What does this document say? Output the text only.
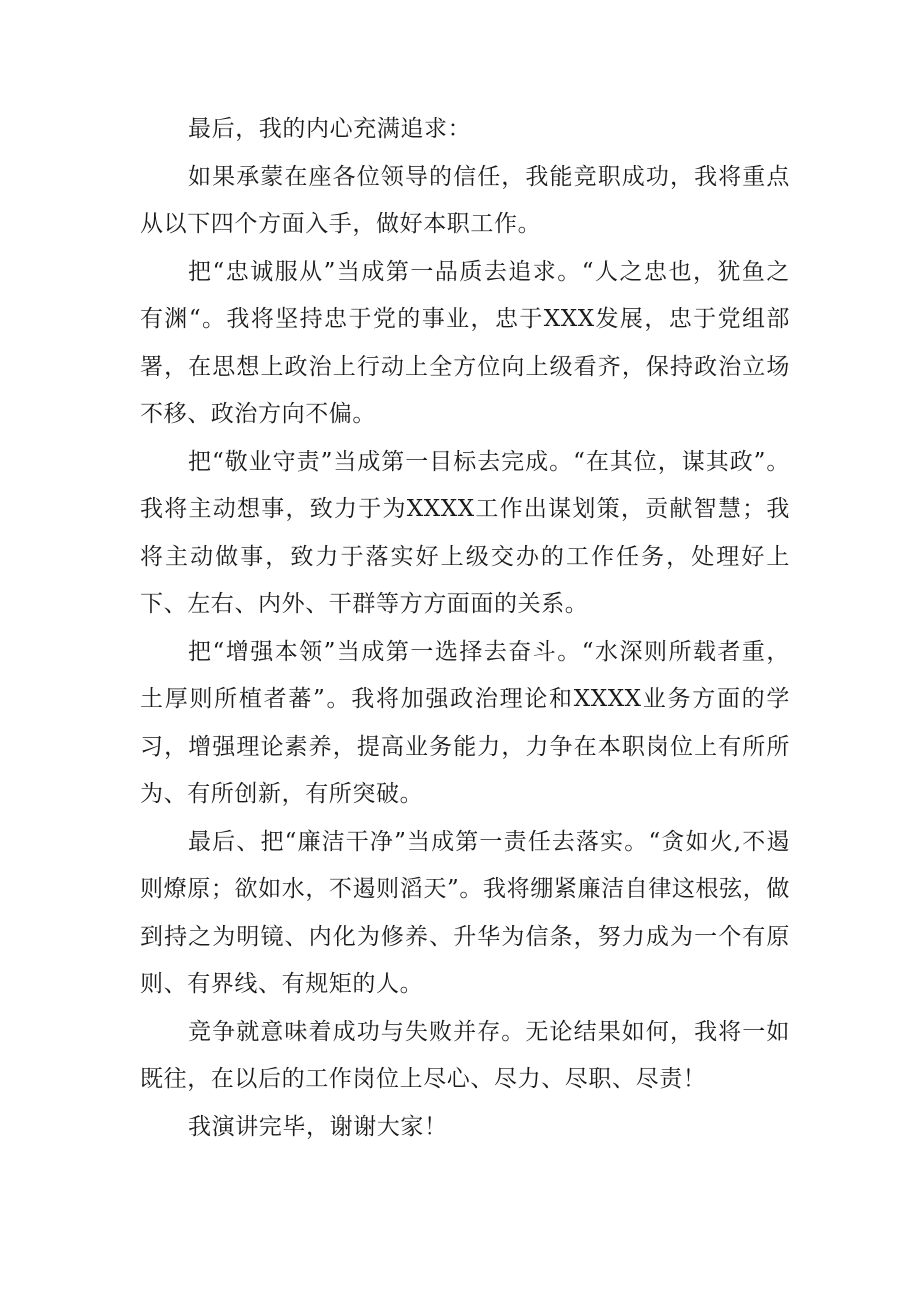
最后，我的内心充满追求：

如果承蒙在座各位领导的信任，我能竞职成功，我将重点从以下四个方面入手，做好本职工作。

把“忠诚服从”当成第一品质去追求。“人之忠也，犹鱼之有渊“。我将坚持忠于党的事业，忠于XXX发展，忠于党组部署，在思想上政治上行动上全方位向上级看齐，保持政治立场不移、政治方向不偏。

把“敬业守责”当成第一目标去完成。“在其位，谋其政”。我将主动想事，致力于为XXXX工作出谋划策，贡献智慧；我将主动做事，致力于落实好上级交办的工作任务，处理好上下、左右、内外、干群等方方面面的关系。

把“增强本领”当成第一选择去奋斗。“水深则所载者重，土厚则所植者蕃”。我将加强政治理论和XXXX业务方面的学习，增强理论素养，提高业务能力，力争在本职岗位上有所所为、有所创新，有所突破。

最后、把“廉洁干净”当成第一责任去落实。“贪如火,不遏则燎原；欲如水，不遏则滔天”。我将绷紧廉洁自律这根弦，做到持之为明镜、内化为修养、升华为信条，努力成为一个有原则、有界线、有规矩的人。

竞争就意味着成功与失败并存。无论结果如何，我将一如既往，在以后的工作岗位上尽心、尽力、尽职、尽责！

我演讲完毕，谢谢大家！
